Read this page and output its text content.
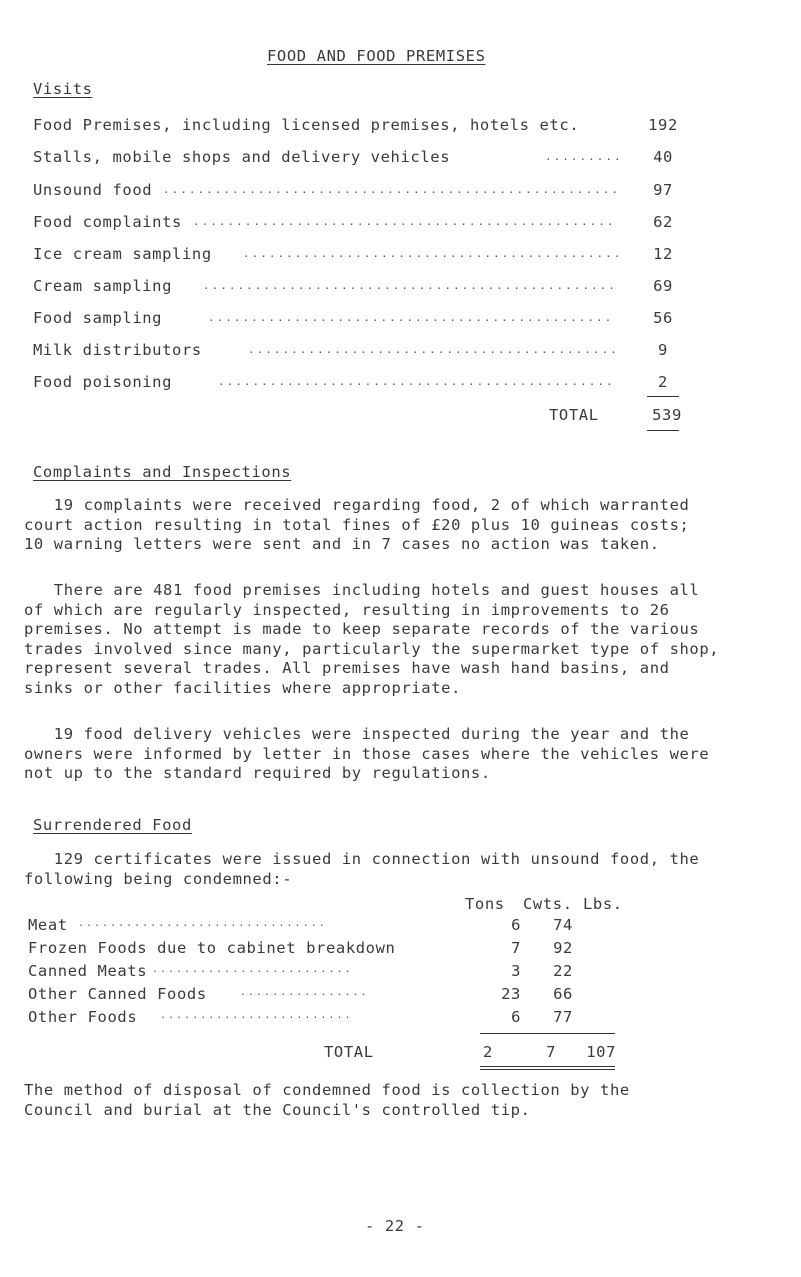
FOOD AND FOOD PREMISES
Visits
Food Premises, including licensed premises, hotels etc.	192
Stalls, mobile shops and delivery vehicles	.........	40
Unsound food .....................................................	97
Food complaints .................................................	62
Ice cream sampling	............................................	12
Cream sampling	................................................	69
Food sampling	...............................................	56
Milk distributors	...........................................	9
Food poisoning	..............................................	2
TOTAL	539
Complaints and Inspections
19 complaints were received regarding food, 2 of which warranted
court action resulting in total fines of £20 plus 10 guineas costs;
10 warning letters were sent and in 7 cases no action was taken.
There are 481 food premises including hotels and guest houses all
of which are regularly inspected, resulting in improvements to 26
premises. No attempt is made to keep separate records of the various
trades involved since many, particularly the supermarket type of shop,
represent several trades. All premises have wash hand basins, and
sinks or other facilities where appropriate.
19 food delivery vehicles were inspected during the year and the
owners were informed by letter in those cases where the vehicles were
not up to the standard required by regulations.
Surrendered Food
129 certificates were issued in connection with unsound food, the
following being condemned:-
Tons Cwts. Lbs.
Meat ...............................	6	74
Frozen Foods due to cabinet breakdown	7	92
Canned Meats .........................	3	22
Other Canned Foods	................	23	66
Other Foods ........................	6	77
TOTAL	2	7	107
The method of disposal of condemned food is collection by the
Council and burial at the Council's controlled tip.
- 22 -
